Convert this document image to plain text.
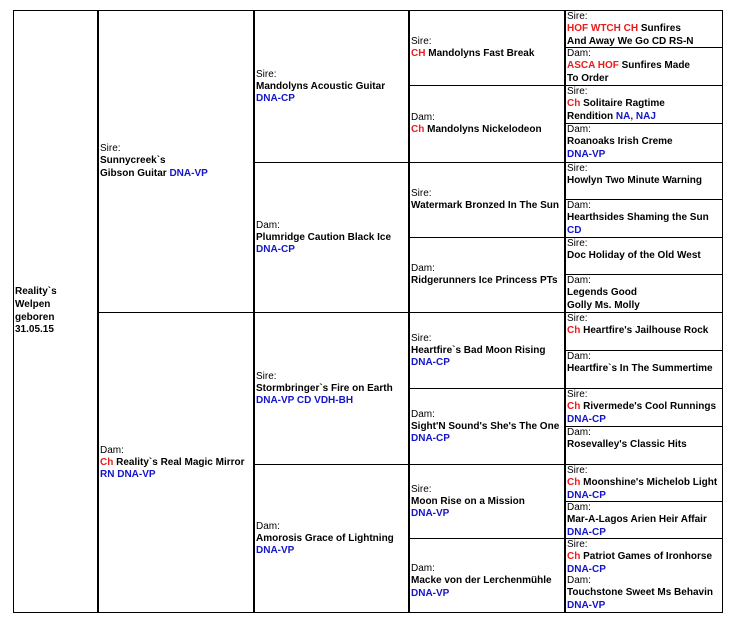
Reality`s
Welpen
geboren 31.05.15
Sire:
Sunnycreek`s
Gibson Guitar DNA-VP
Dam:
Ch Reality`s Real Magic Mirror
RN DNA-VP
Sire:
Mandolyns Acoustic Guitar
DNA-CP
Dam:
Plumridge Caution Black Ice
DNA-CP
Sire:
Stormbringer`s Fire on Earth
DNA-VP CD VDH-BH
Dam:
Amorosis Grace of Lightning
DNA-VP
Sire:
CH Mandolyns Fast Break
Dam:
Ch Mandolyns Nickelodeon
Sire:
Watermark Bronzed In The Sun
Dam:
Ridgerunners Ice Princess PTs
Sire:
Heartfire`s Bad Moon Rising
DNA-CP
Dam:
Sight'N Sound's She's The One
DNA-CP
Sire:
Moon Rise on a Mission
DNA-VP
Dam:
Macke von der Lerchenmühle
DNA-VP
Sire:
HOF WTCH CH Sunfires
And Away We Go CD RS-N
Dam:
ASCA HOF Sunfires Made
To Order
Sire:
Ch Solitaire Ragtime
Rendition NA, NAJ
Dam:
Roanoaks Irish Creme
DNA-VP
Sire:
Howlyn Two Minute Warning
Dam:
Hearthsides Shaming the Sun
CD
Sire:
Doc Holiday of the Old West
Dam:
Legends Good
Golly Ms. Molly
Sire:
Ch Heartfire's Jailhouse Rock
Dam:
Heartfire`s In The Summertime
Sire:
Ch Rivermede's Cool Runnings
DNA-CP
Dam:
Rosevalley's Classic Hits
Sire:
Ch Moonshine's Michelob Light
DNA-CP
Dam:
Mar-A-Lagos Arien Heir Affair
DNA-CP
Sire:
Ch Patriot Games of Ironhorse
DNA-CP
Dam:
Touchstone Sweet Ms Behavin
DNA-VP
